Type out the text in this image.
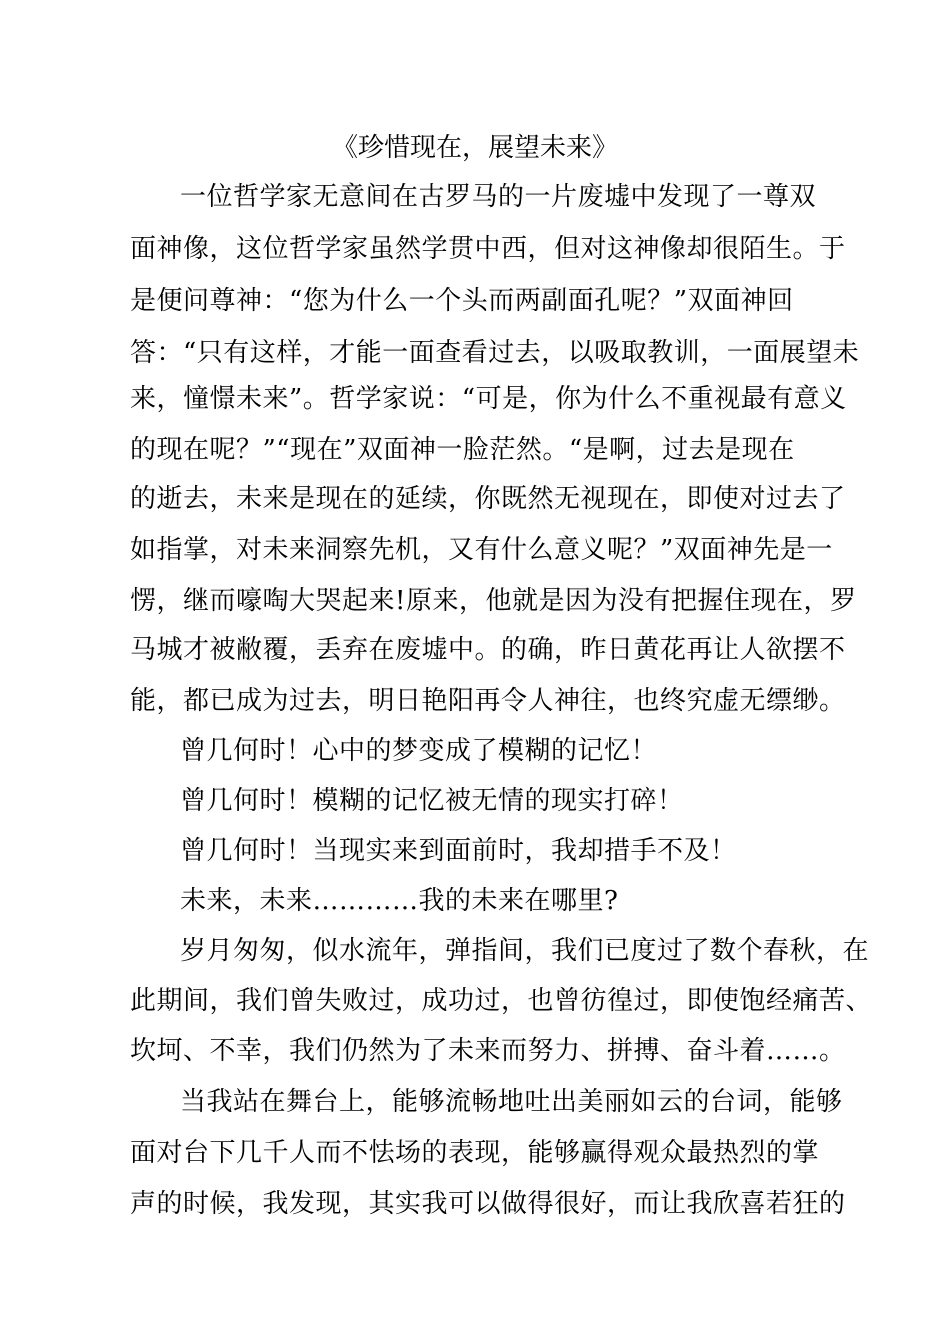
《珍惜现在，展望未来》
一位哲学家无意间在古罗马的一片废墟中发现了一尊双
面神像，这位哲学家虽然学贯中西，但对这神像却很陌生。于
是便问尊神：“您为什么一个头而两副面孔呢？”双面神回
答：“只有这样，才能一面查看过去，以吸取教训，一面展望未
来，憧憬未来”。哲学家说：“可是，你为什么不重视最有意义
的现在呢？”“现在”双面神一脸茫然。“是啊，过去是现在
的逝去，未来是现在的延续，你既然无视现在，即使对过去了
如指掌，对未来洞察先机，又有什么意义呢？”双面神先是一
愣，继而嚎啕大哭起来!原来，他就是因为没有把握住现在，罗
马城才被敝覆，丢弃在废墟中。的确，昨日黄花再让人欲摆不
能，都已成为过去，明日艳阳再令人神往，也终究虚无缥缈。
曾几何时！心中的梦变成了模糊的记忆！
曾几何时！模糊的记忆被无情的现实打碎！
曾几何时！当现实来到面前时，我却措手不及！
未来，未来…………我的未来在哪里?
岁月匆匆，似水流年，弹指间，我们已度过了数个春秋，在
此期间，我们曾失败过，成功过，也曾彷徨过，即使饱经痛苦、
坎坷、不幸，我们仍然为了未来而努力、拼搏、奋斗着……。
当我站在舞台上，能够流畅地吐出美丽如云的台词，能够
面对台下几千人而不怯场的表现，能够赢得观众最热烈的掌
声的时候，我发现，其实我可以做得很好，而让我欣喜若狂的
